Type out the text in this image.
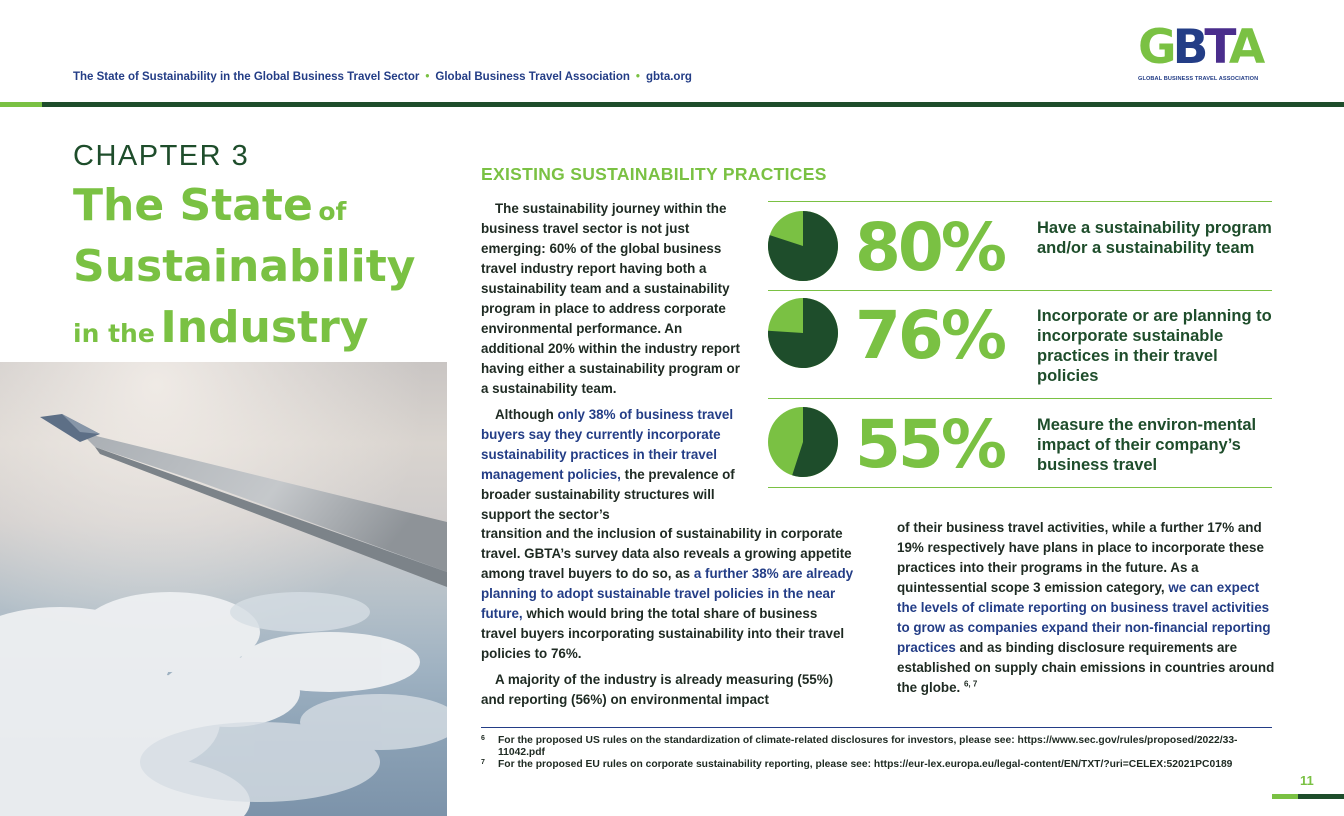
The State of Sustainability in the Global Business Travel Sector • Global Business Travel Association • gbta.org
GBTA
GLOBAL BUSINESS TRAVEL ASSOCIATION
CHAPTER 3
The State of
Sustainability
in the Industry
EXISTING SUSTAINABILITY PRACTICES

The sustainability journey within the business travel sector is not just emerging: 60% of the global business travel industry report having both a sustainability team and a sustainability program in place to address corporate environmental performance. An additional 20% within the industry report having either a sustainability program or a sustainability team.

Although only 38% of business travel buyers say they currently incorporate sustainability practices in their travel management policies, the prevalence of broader sustainability structures will support the sector’s

transition and the inclusion of sustainability in corporate travel. GBTA’s survey data also reveals a growing appetite among travel buyers to do so, as a further 38% are already planning to adopt sustainable travel policies in the near future, which would bring the total share of business travel buyers incorporating sustainability into their travel policies to 76%.

A majority of the industry is already measuring (55%) and reporting (56%) on environmental impact

of their business travel activities, while a further 17% and 19% respectively have plans in place to incorporate these practices into their programs in the future. As a quintessential scope 3 emission category, we can expect the levels of climate reporting on business travel activities to grow as companies expand their non-financial reporting practices and as binding disclosure requirements are established on supply chain emissions in countries around the globe. $^{6, 7}$

80% Have a sustainability program and/or a sustainability team
76% Incorporate or are planning to incorporate sustainable practices in their travel policies
55% Measure the environ-mental impact of their company’s business travel
6	For the proposed US rules on the standardization of climate-related disclosures for investors, please see: https://www.sec.gov/rules/proposed/2022/33-11042.pdf
7	For the proposed EU rules on corporate sustainability reporting, please see: https://eur-lex.europa.eu/legal-content/EN/TXT/?uri=CELEX:52021PC0189
11
